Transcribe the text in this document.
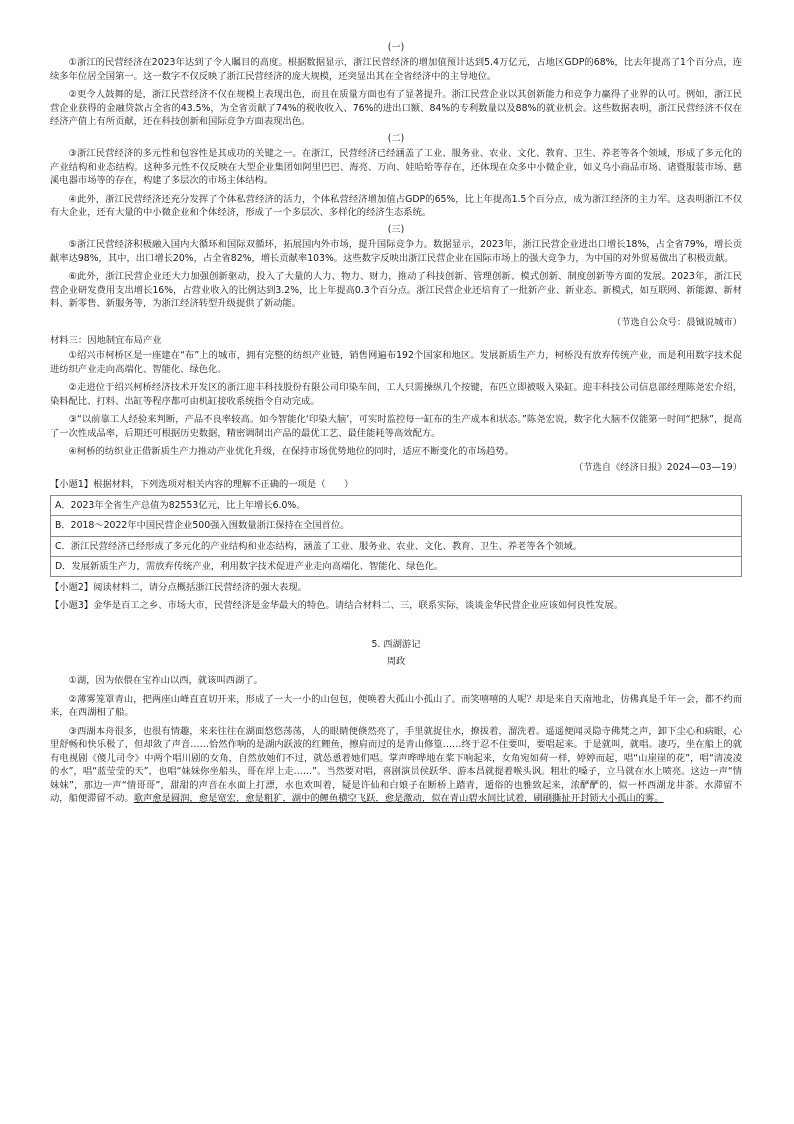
(一)
①浙江的民营经济在2023年达到了令人瞩目的高度。根据数据显示，浙江民营经济的增加值预计达到5.4万亿元，占地区GDP的68%，比去年提高了1个百分点，连续多年位居全国第一。这一数字不仅反映了浙江民营经济的庞大规模，还突显出其在全省经济中的主导地位。
②更令人鼓舞的是，浙江民营经济不仅在规模上表现出色，而且在质量方面也有了显著提升。浙江民营企业以其创新能力和竞争力赢得了业界的认可。例如，浙江民营企业获得的金融贷款占全省的43.5%，为全省贡献了74%的税收收入、76%的进出口额、84%的专利数量以及88%的就业机会。这些数据表明，浙江民营经济不仅在经济产值上有所贡献，还在科技创新和国际竞争方面表现出色。
(二)
③浙江民营经济的多元性和包容性是其成功的关键之一。在浙江，民营经济已经涵盖了工业、服务业、农业、文化、教育、卫生、养老等各个领域，形成了多元化的产业结构和业态结构。这种多元性不仅反映在大型企业集团如阿里巴巴、海亮、万向、娃哈哈等存在，还体现在众多中小微企业，如义乌小商品市场、诸暨服装市场、慈溪电器市场等的存在，构建了多层次的市场主体结构。
④此外，浙江民营经济还充分发挥了个体私营经济的活力，个体私营经济增加值占GDP的65%，比上年提高1.5个百分点，成为浙江经济的主力军。这表明浙江不仅有大企业，还有大量的中小微企业和个体经济，形成了一个多层次、多样化的经济生态系统。
(三)
⑤浙江民营经济积极融入国内大循环和国际双循环，拓展国内外市场，提升国际竞争力。数据显示，2023年，浙江民营企业进出口增长18%，占全省79%，增长贡献率达98%，其中，出口增长20%，占全省82%，增长贡献率103%。这些数字反映出浙江民营企业在国际市场上的强大竞争力，为中国的对外贸易做出了积极贡献。
⑥此外，浙江民营企业还大力加强创新驱动，投入了大量的人力、物力、财力，推动了科技创新、管理创新、模式创新、制度创新等方面的发展。2023年，浙江民营企业研发费用支出增长16%，占营业收入的比例达到3.2%，比上年提高0.3个百分点。浙江民营企业还培育了一批新产业、新业态、新模式，如互联网、新能源、新材料、新零售、新服务等，为浙江经济转型升级提供了新动能。
（节选自公众号：晨铖说城市）
材料三：因地制宜布局产业
①绍兴市柯桥区是一座建在“布”上的城市，拥有完整的纺织产业链，销售网遍布192个国家和地区。发展新质生产力，柯桥没有放弃传统产业，而是利用数字技术促进纺织产业走向高端化、智能化、绿色化。
②走进位于绍兴柯桥经济技术开发区的浙江迎丰科技股份有限公司印染车间，工人只需操纵几个按键，布匹立即被吸入染缸。迎丰科技公司信息部经理陈尧宏介绍，染料配比、打料、出缸等程序都可由机缸接收系统指令自动完成。
③“以前靠工人经验来判断，产品不良率较高。如今智能化‘印染大脑’，可实时监控每一缸布的生产成本和状态。”陈尧宏说，数字化大脑不仅能第一时间“把脉”，提高了一次性成品率，后期还可根据历史数据，精密调制出产品的最优工艺、最佳能耗等高效配方。
④柯桥的纺织业正借新质生产力推动产业优化升级，在保持市场优势地位的同时，适应不断变化的市场趋势。
（节选自《经济日报》2024—03—19）
【小题1】根据材料，下列选项对相关内容的理解不正确的一项是（　　）
A．2023年全省生产总值为82553亿元，比上年增长6.0%。
B．2018～2022年中国民营企业500强入围数量浙江保持在全国首位。
C．浙江民营经济已经形成了多元化的产业结构和业态结构，涵盖了工业、服务业、农业、文化、教育、卫生、养老等各个领域。
D．发展新质生产力，需放弃传统产业，利用数字技术促进产业走向高端化、智能化、绿色化。
【小题2】阅读材料二，请分点概括浙江民营经济的强大表现。
【小题3】金华是百工之乡、市场大市，民营经济是金华最大的特色。请结合材料二、三，联系实际，谈谈金华民营企业应该如何良性发展。
5. 西湖游记
周政
①湖，因为依偎在宝祚山以西，就该叫西湖了。
②薄雾笼罩青山，把两座山峰直直切开来，形成了一大一小的山包包，便唤着大孤山小孤山了。而笑嘻嘻的人呢？却是来自天南地北，仿佛真是千年一会，都不约而来，在西湖相了船。
③西湖本舟很多，也很有情趣，来来往往在湖面悠悠荡荡，人的眼睛便倏然亮了，手里就捉住水，撩拔着，溜洗着。遥遥便闻灵隐寺佛梵之声，卸下尘心和病眼，心里舒畅和快乐极了，但却敛了声音……恰然作响的是湖内跃波的红鲤鱼，擦肩而过的是青山修篁……终于忍不住要叫，要唱起来。于是就叫，就唱。凄巧，坐在船上的就有电视剧《傻儿司令》中两个唱川剧的女角，自然放她们不过，就怂恿着她们唱。掌声哗哗地在桨下响起来，女角宛如荷一样，婷婷而起，唱“山崖崖的花”，唱“清凌凌的水”，唱“蓝莹莹的天”，也唱“妹妹你坐船头，哥在岸上走……”。当然要对唱，喜剧演员侯跃华、游本昌就提着喉头讽。粗壮的嗓子，立马就在水上喷亮。这边一声“情妹妹”，那边一声“情哥哥”，甜甜的声音在水面上打漂，水也欢叫着，疑是许仙和白娘子在断桥上踏青，遁俗的也雅致起来，浓酽酽的，似一杯西湖龙井茶。水滞留不动，船便滞留不动。歌声愈是圆润，愈是宽宏，愈是粗犷，湖中的鲤鱼横空飞跃，愈是激动，似在青山碧水间比试着，刷刷撕扯开封锁大小孤山的雾。
